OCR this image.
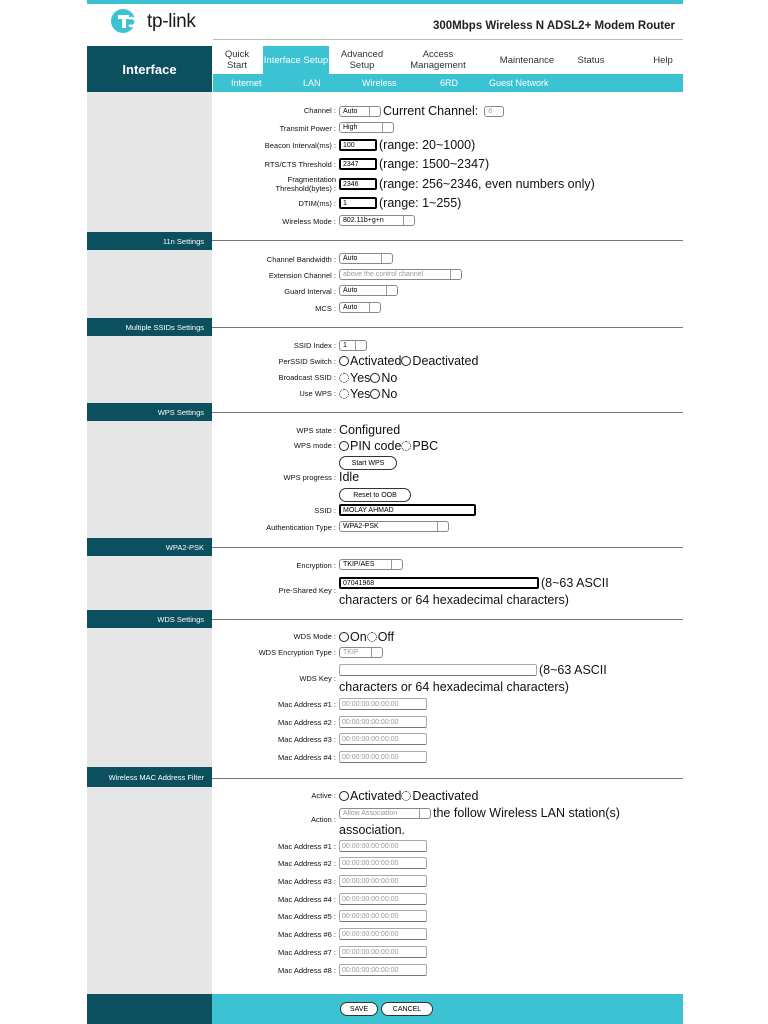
tp-link	300Mbps Wireless N ADSL2+ Modem Router
Interface
Quick Start	Interface Setup	Advanced Setup
Access Management	Maintenance	Status	Help
Internet	LAN	Wireless	6RD	Guest Network
Channel : Auto Current Channel: 6
Transmit Power : High
Beacon Interval(ms) : 100 (range: 20~1000)
RTS/CTS Threshold : 2347 (range: 1500~2347)
Fragmentation
Threshold(bytes) : 2346 (range: 256~2346, even numbers only)
DTIM(ms) : 1	(range: 1~255)
Wireless Mode : 802.11b+g+n
11n Settings
Channel Bandwidth : Auto
Extension Channel : above the control channel
Guard Interval : Auto
MCS : Auto
Multiple SSIDs Settings
SSID Index : 1
PerSSID Switch : Activated Deactivated
Broadcast SSID : Yes No
Use WPS : Yes No
WPS Settings
WPS state : Configured
WPS mode : PIN code PBC
Start WPS
WPS progress : Idle
Reset to OOB
SSID : MOLAY AHMAD
Authentication Type : WPA2-PSK
WPA2-PSK
Encryption : TKIP/AES
Pre-Shared Key :
07041968	(8~63 ASCII
characters or 64 hexadecimal characters)
WDS Settings
WDS Mode : On Off
WDS Encryption Type : TKIP
WDS Key :
(8~63 ASCII
characters or 64 hexadecimal characters)
Mac Address #1 : 00:00:00:00:00:00
Mac Address #2 : 00:00:00:00:00:00
Mac Address #3 : 00:00:00:00:00:00
Mac Address #4 : 00:00:00:00:00:00
Wireless MAC Address Filter
Active : Activated Deactivated
Action :
Allow Association	the follow Wireless LAN station(s)
association.
Mac Address #1 : 00:00:00:00:00:00
Mac Address #2 : 00:00:00:00:00:00
Mac Address #3 : 00:00:00:00:00:00
Mac Address #4 : 00:00:00:00:00:00
Mac Address #5 : 00:00:00:00:00:00
Mac Address #6 : 00:00:00:00:00:00
Mac Address #7 : 00:00:00:00:00:00
Mac Address #8 : 00:00:00:00:00:00
SAVE	CANCEL
